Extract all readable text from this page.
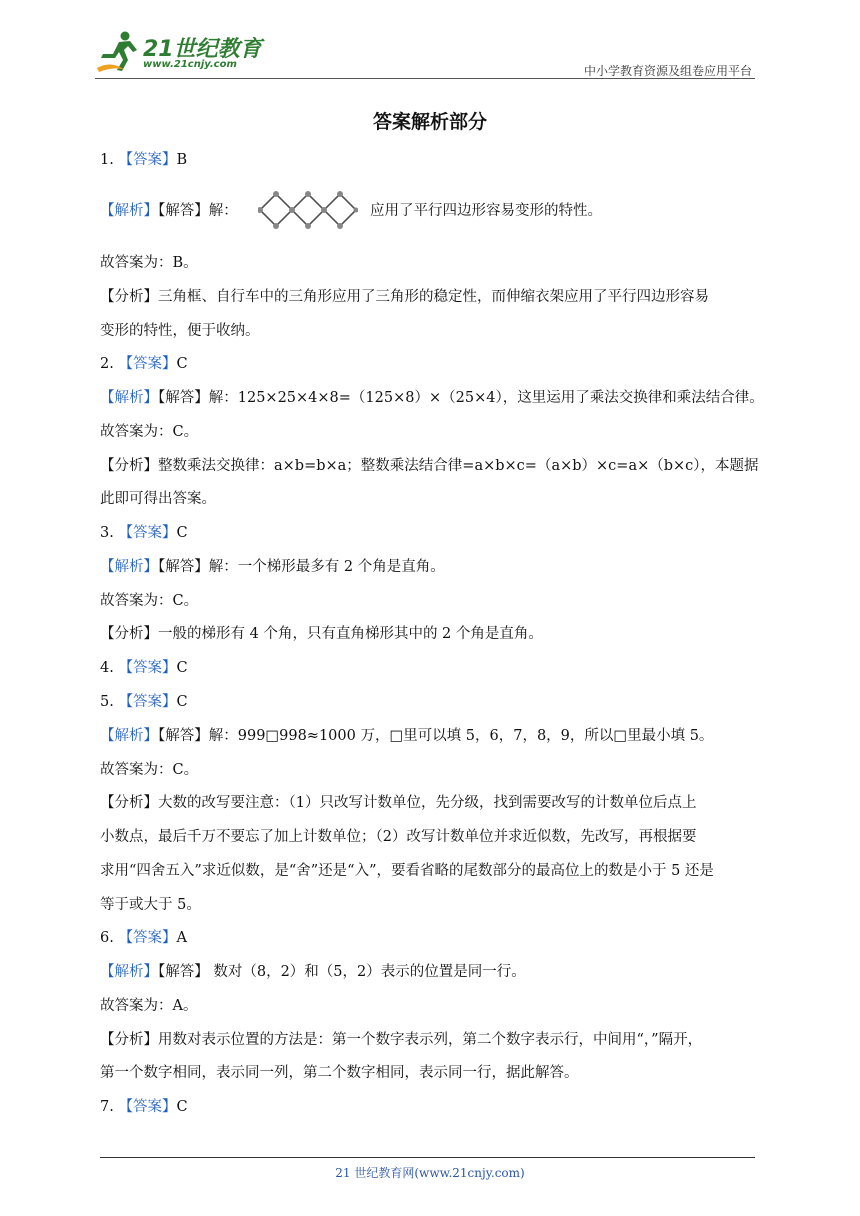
21世纪教育
www.21cnjy.com	中小学教育资源及组卷应用平台
答案解析部分
1. 【答案】B
【解析】【解答】解：	应用了平行四边形容易变形的特性。
故答案为：B。
【分析】三角框、自行车中的三角形应用了三角形的稳定性，而伸缩衣架应用了平行四边形容易
变形的特性，便于收纳。
2. 【答案】C
【解析】【解答】解：125×25×4×8=（125×8）×（25×4），这里运用了乘法交换律和乘法结合律。
故答案为：C。
【分析】整数乘法交换律：a×b=b×a；整数乘法结合律=a×b×c=（a×b）×c=a×（b×c），本题据
此即可得出答案。
3. 【答案】C
【解析】【解答】解：一个梯形最多有 2 个角是直角。
故答案为：C。
【分析】一般的梯形有 4 个角，只有直角梯形其中的 2 个角是直角。
4. 【答案】C
5. 【答案】C
【解析】【解答】解：999□998≈1000 万，□里可以填 5，6，7，8，9，所以□里最小填 5。
故答案为：C。
【分析】大数的改写要注意：（1）只改写计数单位，先分级，找到需要改写的计数单位后点上
小数点，最后千万不要忘了加上计数单位；（2）改写计数单位并求近似数，先改写，再根据要
求用“四舍五入”求近似数，是“舍”还是“入”，要看省略的尾数部分的最高位上的数是小于 5 还是
等于或大于 5。
6. 【答案】A
【解析】【解答】 数对（8，2）和（5，2）表示的位置是同一行。
故答案为：A。
【分析】用数对表示位置的方法是：第一个数字表示列，第二个数字表示行，中间用“，”隔开，
第一个数字相同，表示同一列，第二个数字相同，表示同一行，据此解答。
7. 【答案】C
21 世纪教育网(www.21cnjy.com)
